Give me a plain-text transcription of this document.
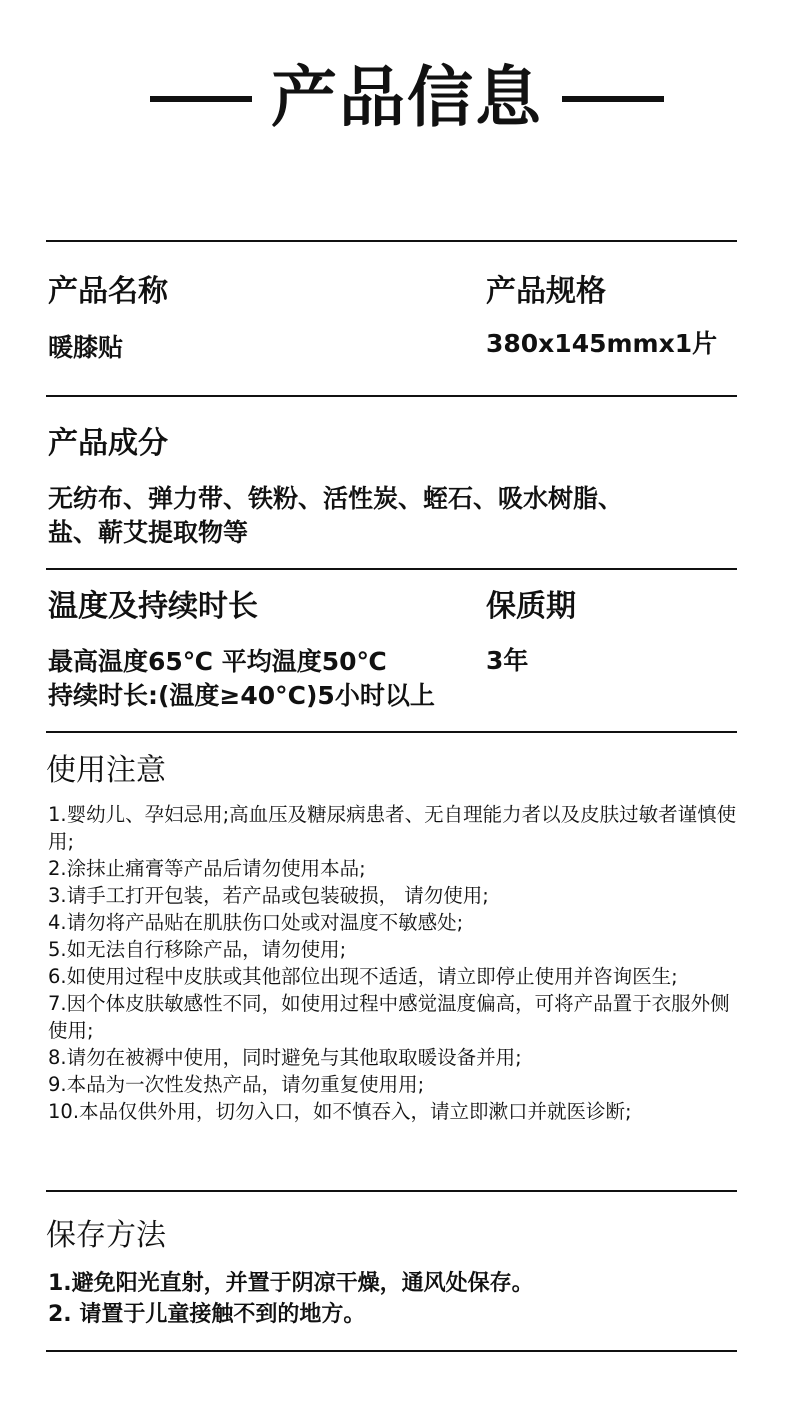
产品信息
产品名称
暖膝贴
产品规格
380x145mmx1片
产品成分
无纺布、弹力带、铁粉、活性炭、蛭石、吸水树脂、
盐、蕲艾提取物等
温度及持续时长
最高温度65℃ 平均温度50℃
持续时长:(温度≥40°C)5小时以上
保质期
3年
使用注意
1.婴幼儿、孕妇忌用;高血压及糖尿病患者、无自理能力者以及皮肤过敏者谨慎使用;
2.涂抹止痛膏等产品后请勿使用本品;
3.请手工打开包装，若产品或包装破损， 请勿使用;
4.请勿将产品贴在肌肤伤口处或对温度不敏感处;
5.如无法自行移除产品，请勿使用;
6.如使用过程中皮肤或其他部位出现不适适，请立即停止使用并咨询医生;
7.因个体皮肤敏感性不同，如使用过程中感觉温度偏高，可将产品置于衣服外侧使用;
8.请勿在被褥中使用，同时避免与其他取取暖设备并用;
9.本品为一次性发热产品，请勿重复使用用;
10.本品仅供外用，切勿入口，如不慎吞入，请立即漱口并就医诊断;
保存方法
1.避免阳光直射，并置于阴凉干燥，通风处保存。
2. 请置于儿童接触不到的地方。
